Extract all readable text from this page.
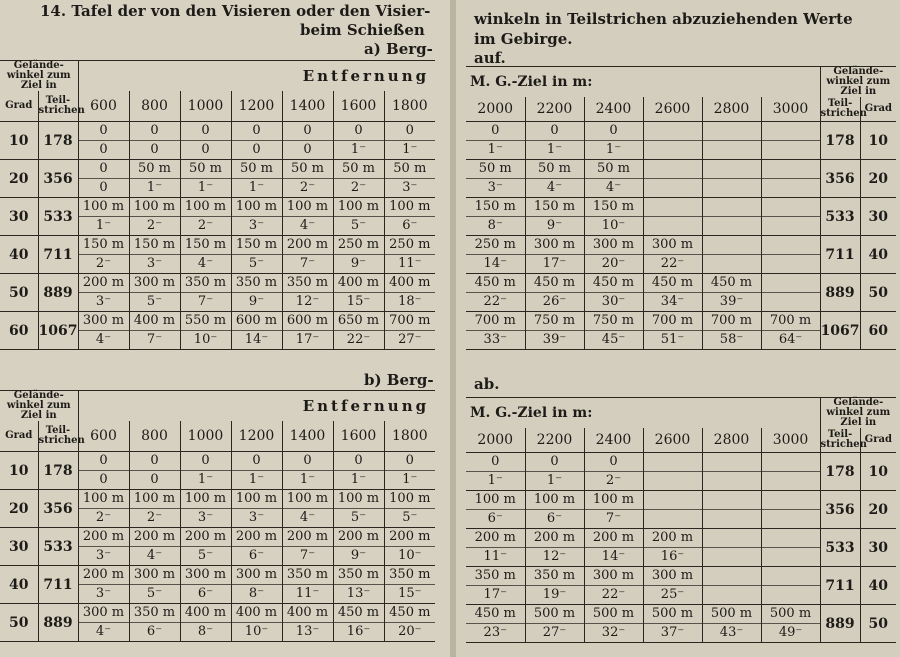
14. Tafel der von den Visieren oder den Visier-
beim Schießen
a) Berg-
Gelände-winkel zum Ziel in		Entfernung						
Grad	Teil-strichen	600	800	1000	1200	1400	1600	1800
10	178	0	0	0	0	0	0	0
		0	0	0	0	0	1⁻	1⁻
20	356	0	50 m	50 m	50 m	50 m	50 m	50 m
		0	1⁻	1⁻	1⁻	2⁻	2⁻	3⁻
30	533	100 m	100 m	100 m	100 m	100 m	100 m	100 m
		1⁻	2⁻	2⁻	3⁻	4⁻	5⁻	6⁻
40	711	150 m	150 m	150 m	150 m	200 m	250 m	250 m
		2⁻	3⁻	4⁻	5⁻	7⁻	9⁻	11⁻
50	889	200 m	300 m	350 m	350 m	350 m	400 m	400 m
		3⁻	5⁻	7⁻	9⁻	12⁻	15⁻	18⁻
60	1067	300 m	400 m	550 m	600 m	600 m	650 m	700 m
		4⁻	7⁻	10⁻	14⁻	17⁻	22⁻	27⁻
b) Berg-
Gelände-winkel zum Ziel in		Entfernung						
Grad	Teil-strichen	600	800	1000	1200	1400	1600	1800
10	178	0	0	0	0	0	0	0
		0	0	1⁻	1⁻	1⁻	1⁻	1⁻
20	356	100 m	100 m	100 m	100 m	100 m	100 m	100 m
		2⁻	2⁻	3⁻	3⁻	4⁻	5⁻	5⁻
30	533	200 m	200 m	200 m	200 m	200 m	200 m	200 m
		3⁻	4⁻	5⁻	6⁻	7⁻	9⁻	10⁻
40	711	200 m	300 m	300 m	300 m	350 m	350 m	350 m
		3⁻	5⁻	6⁻	8⁻	11⁻	13⁻	15⁻
50	889	300 m	350 m	400 m	400 m	400 m	450 m	450 m
		4⁻	6⁻	8⁻	10⁻	13⁻	16⁻	20⁻
winkeln in Teilstrichen abzuziehenden Werte
im Gebirge.
auf.
M. G.-Ziel in m:						Gelände-winkel zum Ziel in	
2000	2200	2400	2600	2800	3000	Teil-strichen	Grad
0	0	0				178	10
1⁻	1⁻	1⁻					
50 m	50 m	50 m				356	20
3⁻	4⁻	4⁻					
150 m	150 m	150 m				533	30
8⁻	9⁻	10⁻					
250 m	300 m	300 m	300 m			711	40
14⁻	17⁻	20⁻	22⁻				
450 m	450 m	450 m	450 m	450 m		889	50
22⁻	26⁻	30⁻	34⁻	39⁻			
700 m	750 m	750 m	700 m	700 m	700 m	1067	60
33⁻	39⁻	45⁻	51⁻	58⁻	64⁻		
ab.
M. G.-Ziel in m:						Gelände-winkel zum Ziel in	
2000	2200	2400	2600	2800	3000	Teil-strichen	Grad
0	0	0				178	10
1⁻	1⁻	2⁻					
100 m	100 m	100 m				356	20
6⁻	6⁻	7⁻					
200 m	200 m	200 m	200 m			533	30
11⁻	12⁻	14⁻	16⁻				
350 m	350 m	300 m	300 m			711	40
17⁻	19⁻	22⁻	25⁻				
450 m	500 m	500 m	500 m	500 m	500 m	889	50
23⁻	27⁻	32⁻	37⁻	43⁻	49⁻		
